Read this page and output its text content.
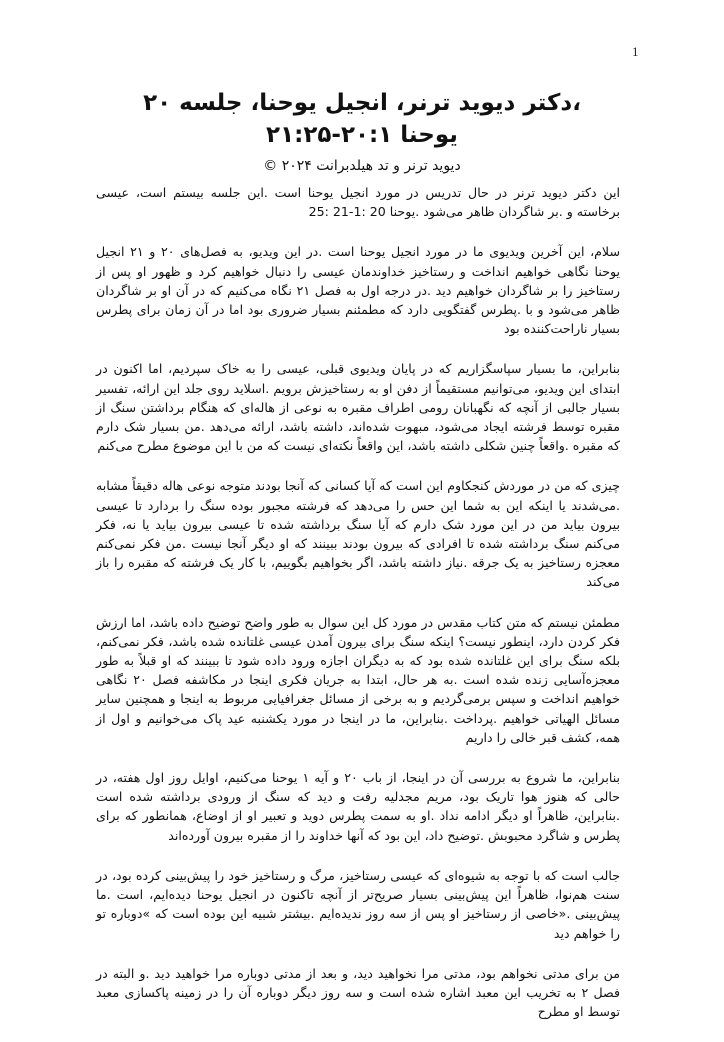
1
،دکتر دیوید ترنر، انجیل یوحنا، جلسه ۲۰
یوحنا ۲۰:۱-۲۱:۲۵
دیوید ترنر و تد هیلدبرانت ۲۰۲۴ ©

این دکتر دیوید ترنر در حال تدریس در مورد انجیل یوحنا است .این جلسه بیستم است، عیسی برخاسته و .بر شاگردان ظاهر می‌شود .یوحنا 20 :1-21 :25

سلام، این آخرین ویدیوی ما در مورد انجیل یوحنا است .در این ویدیو، به فصل‌های ۲۰ و ۲۱ انجیل یوحنا نگاهی خواهیم انداخت و رستاخیز خداوندمان عیسی را دنبال خواهیم کرد و ظهور او پس از رستاخیز را بر شاگردان خواهیم دید .در درجه اول به فصل ۲۱ نگاه می‌کنیم که در آن او بر شاگردان ظاهر می‌شود و با .پطرس گفتگویی دارد که مطمئنم بسیار ضروری بود اما در آن زمان برای پطرس بسیار ناراحت‌کننده بود

بنابراین، ما بسیار سپاسگزاریم که در پایان ویدیوی قبلی، عیسی را به خاک سپردیم، اما اکنون در ابتدای این ویدیو، می‌توانیم مستقیماً از دفن او به رستاخیزش برویم .اسلاید روی جلد این ارائه، تفسیر بسیار جالبی از آنچه که نگهبانان رومی اطراف مقبره به نوعی از هاله‌ای که هنگام برداشتن سنگ از مقبره توسط فرشته ایجاد می‌شود، مبهوت شده‌اند، داشته باشد، ارائه می‌دهد .من بسیار شک دارم که مقبره .واقعاً چنین شکلی داشته باشد، این واقعاً نکته‌ای نیست که من با این موضوع مطرح می‌کنم

چیزی که من در موردش کنجکاوم این است که آیا کسانی که آنجا بودند متوجه نوعی هاله دقیقاً مشابه .می‌شدند یا اینکه این به شما این حس را می‌دهد که فرشته مجبور بوده سنگ را بردارد تا عیسی بیرون بیاید من در این مورد شک دارم که آیا سنگ برداشته شده تا عیسی بیرون بیاید یا نه، فکر می‌کنم سنگ برداشته شده تا افرادی که بیرون بودند ببینند که او دیگر آنجا نیست .من فکر نمی‌کنم معجزه رستاخیز به یک جرقه .نیاز داشته باشد، اگر بخواهیم بگوییم، با کار یک فرشته که مقبره را باز می‌کند

مطمئن نیستم که متن کتاب مقدس در مورد کل این سوال به طور واضح توضیح داده باشد، اما ارزش فکر کردن دارد، اینطور نیست؟ اینکه سنگ برای بیرون آمدن عیسی غلتانده شده باشد، فکر نمی‌کنم، بلکه سنگ برای این غلتانده شده بود که به دیگران اجازه ورود داده شود تا ببینند که او قبلاً به طور معجزه‌آسایی زنده شده است .به هر حال، ابتدا به جریان فکری اینجا در مکاشفه فصل ۲۰ نگاهی خواهیم انداخت و سپس برمی‌گردیم و به برخی از مسائل جغرافیایی مربوط به اینجا و همچنین سایر مسائل الهیاتی خواهیم .پرداخت .بنابراین، ما در اینجا در مورد یکشنبه عید پاک می‌خوانیم و اول از همه، کشف قبر خالی را داریم

بنابراین، ما شروع به بررسی آن در اینجا، از باب ۲۰ و آیه ۱ یوحنا می‌کنیم، اوایل روز اول هفته، در حالی که هنوز هوا تاریک بود، مریم مجدلیه رفت و دید که سنگ از ورودی برداشته شده است .بنابراین، ظاهراً او دیگر ادامه نداد .او به سمت پطرس دوید و تعبیر او از اوضاع، همانطور که برای پطرس و شاگرد محبوبش .توضیح داد، این بود که آنها خداوند را از مقبره بیرون آورده‌اند

جالب است که با توجه به شیوه‌ای که عیسی رستاخیز، مرگ و رستاخیز خود را پیش‌بینی کرده بود، در سنت هم‌نوا، ظاهراً این پیش‌بینی بسیار صریح‌تر از آنچه تاکنون در انجیل یوحنا دیده‌ایم، است .ما پیش‌بینی .«خاصی از رستاخیز او پس از سه روز ندیده‌ایم .بیشتر شبیه این بوده است که »دوباره تو را خواهم دید

من برای مدتی نخواهم بود، مدتی مرا نخواهید دید، و بعد از مدتی دوباره مرا خواهید دید .و البته در فصل ۲ به تخریب این معبد اشاره شده است و سه روز دیگر دوباره آن را در زمینه پاکسازی معبد توسط او مطرح
